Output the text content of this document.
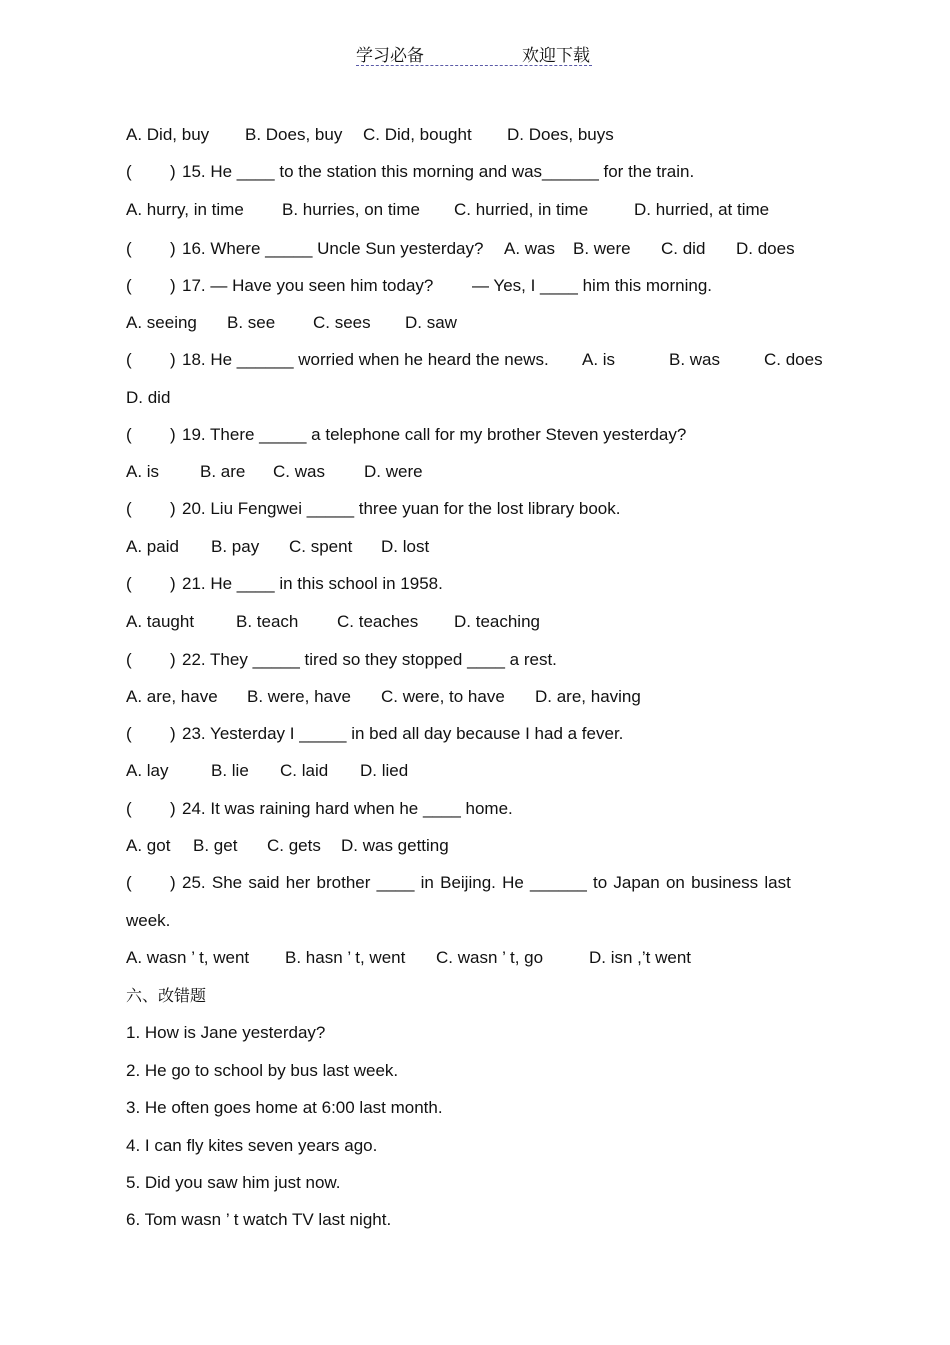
学习必备	欢迎下载
A. Did, buy B. Does, buy C. Did, bought D. Does, buys
( ) 15. He ____ to the station this morning and was______ for the train.
A. hurry, in time B. hurries, on time C. hurried, in time	D. hurried, at time
( ) 16. Where _____ Uncle Sun yesterday? A. was B. were C. did D. does
( ) 17. — Have you seen him today? — Yes, I ____ him this morning.
A. seeing B. see C. sees D. saw
( ) 18. He ______ worried when he heard the news. A. is	B. was	C. does
D. did
( ) 19. There _____ a telephone call for my brother Steven yesterday?
A. is B. are C. was D. were
( ) 20. Liu Fengwei _____ three yuan for the lost library book.
A. paid B. pay C. spent D. lost
( ) 21. He ____ in this school in 1958.
A. taught B. teach C. teaches D. teaching
( ) 22. They _____ tired so they stopped ____ a rest.
A. are, have B. were, have C. were, to have D. are, having
( ) 23. Yesterday I _____ in bed all day because I had a fever.
A. lay B. lie C. laid D. lied
( ) 24. It was raining hard when he ____ home.
A. got B. get C. gets D. was getting
( ) 25. She said her brother ____ in Beijing. He ______ to Japan on business last
week.
A. wasn ’ t, went B. hasn ’ t, went C. wasn ’ t, go	D. isn ,’t went
六、改错题
1. How is Jane yesterday?
2. He go to school by bus last week.
3. He often goes home at 6:00 last month.
4. I can fly kites seven years ago.
5. Did you saw him just now.
6. Tom wasn ’ t watch TV last night.
